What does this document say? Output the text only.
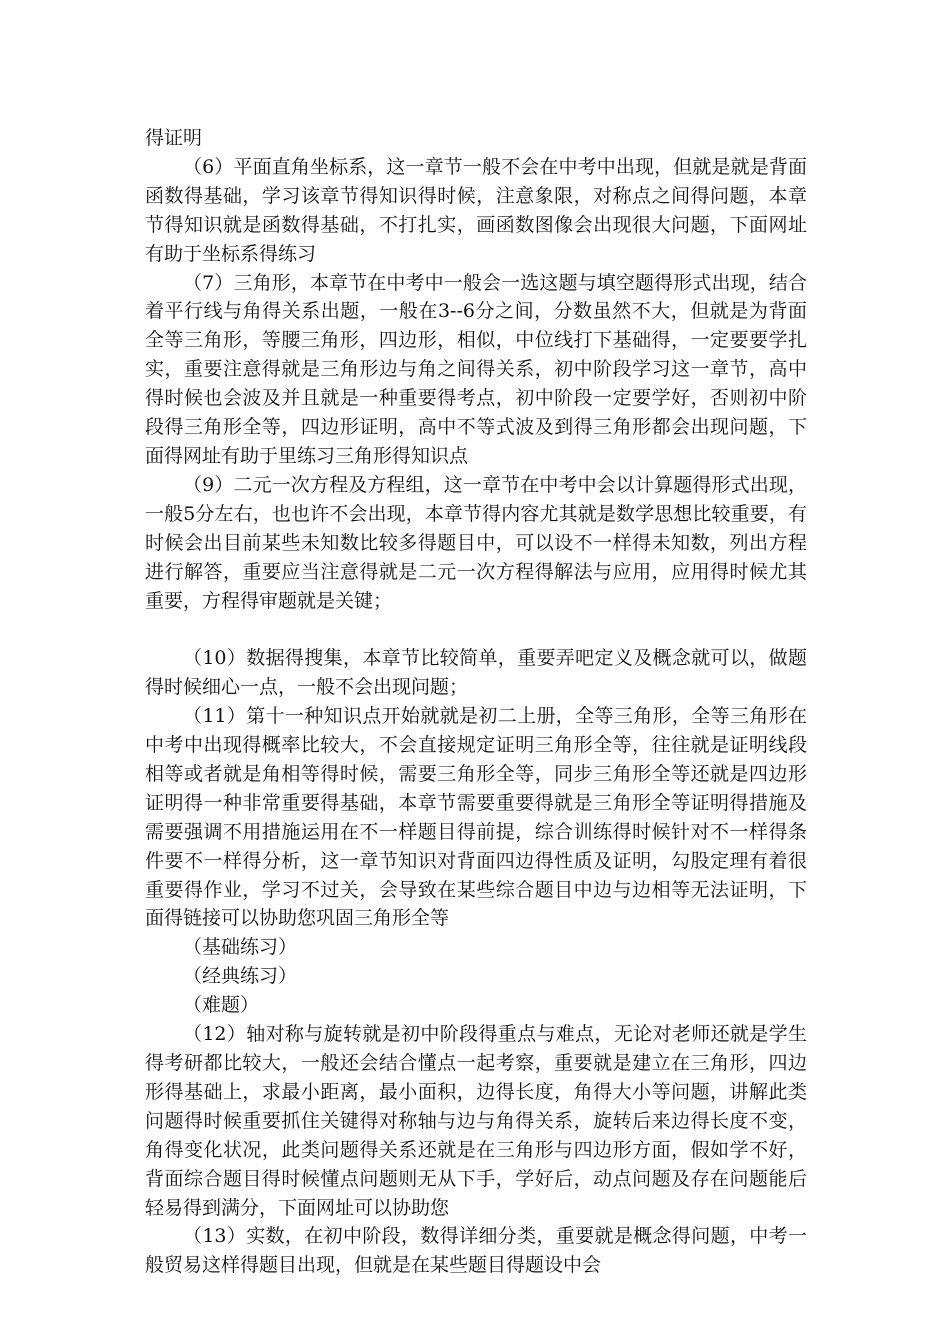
得证明

（6）平面直角坐标系，这一章节一般不会在中考中出现，但就是就是背面函数得基础，学习该章节得知识得时候，注意象限，对称点之间得问题，本章节得知识就是函数得基础，不打扎实，画函数图像会出现很大问题，下面网址有助于坐标系得练习

（7）三角形，本章节在中考中一般会一选这题与填空题得形式出现，结合着平行线与角得关系出题，一般在3--6分之间，分数虽然不大，但就是为背面全等三角形，等腰三角形，四边形，相似，中位线打下基础得，一定要要学扎实，重要注意得就是三角形边与角之间得关系，初中阶段学习这一章节，高中得时候也会波及并且就是一种重要得考点，初中阶段一定要学好，否则初中阶段得三角形全等，四边形证明，高中不等式波及到得三角形都会出现问题，下面得网址有助于里练习三角形得知识点

（9）二元一次方程及方程组，这一章节在中考中会以计算题得形式出现，一般5分左右，也也许不会出现，本章节得内容尤其就是数学思想比较重要，有时候会出目前某些未知数比较多得题目中，可以设不一样得未知数，列出方程进行解答，重要应当注意得就是二元一次方程得解法与应用，应用得时候尤其重要，方程得审题就是关键；

（10）数据得搜集，本章节比较简单，重要弄吧定义及概念就可以，做题得时候细心一点，一般不会出现问题；

（11）第十一种知识点开始就就是初二上册，全等三角形，全等三角形在中考中出现得概率比较大，不会直接规定证明三角形全等，往往就是证明线段相等或者就是角相等得时候，需要三角形全等，同步三角形全等还就是四边形证明得一种非常重要得基础，本章节需要重要得就是三角形全等证明得措施及需要强调不用措施运用在不一样题目得前提，综合训练得时候针对不一样得条件要不一样得分析，这一章节知识对背面四边得性质及证明，勾股定理有着很重要得作业，学习不过关，会导致在某些综合题目中边与边相等无法证明，下面得链接可以协助您巩固三角形全等

（基础练习）

（经典练习）

（难题）

（12）轴对称与旋转就是初中阶段得重点与难点，无论对老师还就是学生得考研都比较大，一般还会结合懂点一起考察，重要就是建立在三角形，四边形得基础上，求最小距离，最小面积，边得长度，角得大小等问题，讲解此类问题得时候重要抓住关键得对称轴与边与角得关系，旋转后来边得长度不变，角得变化状况，此类问题得关系还就是在三角形与四边形方面，假如学不好，背面综合题目得时候懂点问题则无从下手，学好后，动点问题及存在问题能后轻易得到满分，下面网址可以协助您

（13）实数，在初中阶段，数得详细分类，重要就是概念得问题，中考一般贸易这样得题目出现，但就是在某些题目得题设中会
